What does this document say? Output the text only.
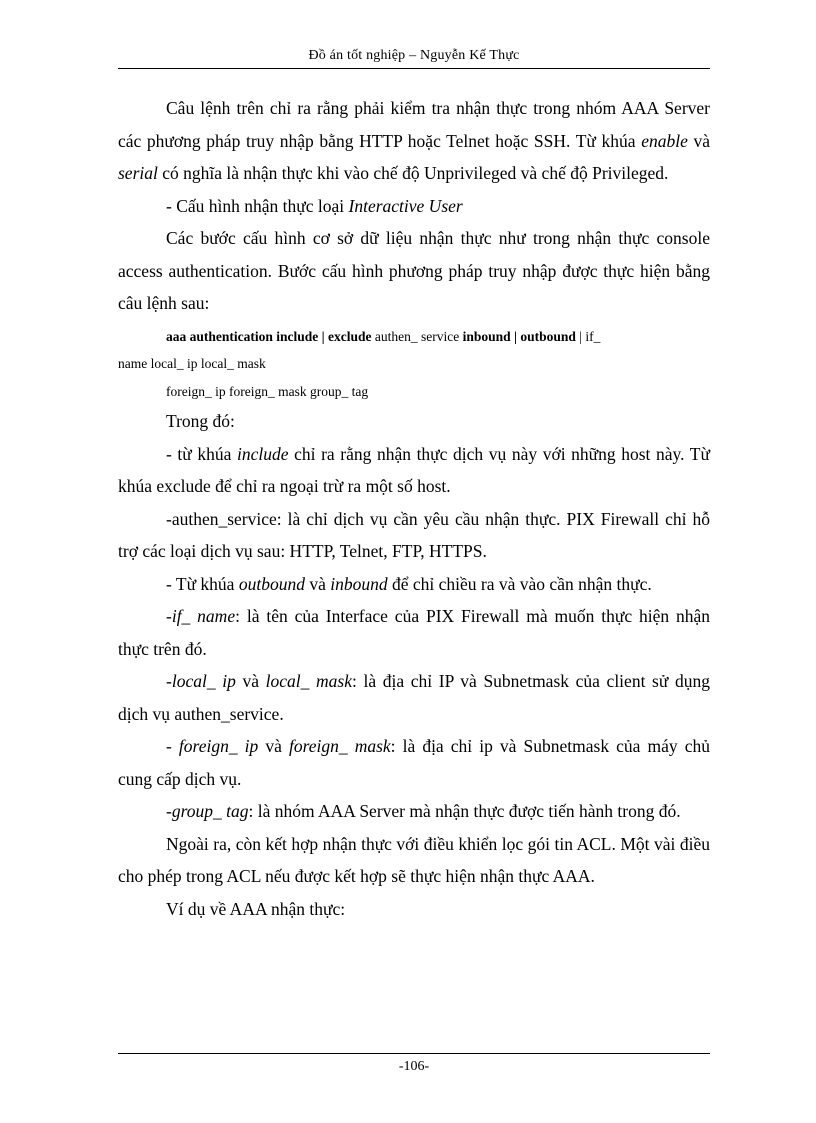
Đồ án tốt nghiệp – Nguyễn Kế Thực

Câu lệnh trên chỉ ra rằng phải kiểm tra nhận thực trong nhóm AAA Server các phương pháp truy nhập bằng HTTP hoặc Telnet hoặc SSH. Từ khúa enable và serial có nghĩa là nhận thực khi vào chế độ Unprivileged và chế độ Privileged.

- Cấu hình nhận thực loại Interactive User

Các bước cấu hình cơ sở dữ liệu nhận thực như trong nhận thực console access authentication. Bước cấu hình phương pháp truy nhập được thực hiện bằng câu lệnh sau:

aaa authentication include | exclude authen_ service inbound | outbound | if_

name local_ ip local_ mask

foreign_ ip foreign_ mask group_ tag

Trong đó:

- từ khúa include chỉ ra rằng nhận thực dịch vụ này với những host này. Từ khúa exclude để chỉ ra ngoại trừ ra một số host.

-authen_service: là chỉ dịch vụ cần yêu cầu nhận thực. PIX Firewall chỉ hỗ trợ các loại dịch vụ sau: HTTP, Telnet, FTP, HTTPS.

- Từ khúa outbound và inbound để chỉ chiều ra và vào cần nhận thực.

-if_ name: là tên của Interface của PIX Firewall mà muốn thực hiện nhận thực trên đó.

-local_ ip và local_ mask: là địa chỉ IP và Subnetmask của client sử dụng dịch vụ authen_service.

- foreign_ ip và foreign_ mask: là địa chỉ ip và Subnetmask của máy chủ cung cấp dịch vụ.

-group_ tag: là nhóm AAA Server mà nhận thực được tiến hành trong đó.

Ngoài ra, còn kết hợp nhận thực với điều khiển lọc gói tin ACL. Một vài điều cho phép trong ACL nếu được kết hợp sẽ thực hiện nhận thực AAA.

Ví dụ về AAA nhận thực:

-106-
